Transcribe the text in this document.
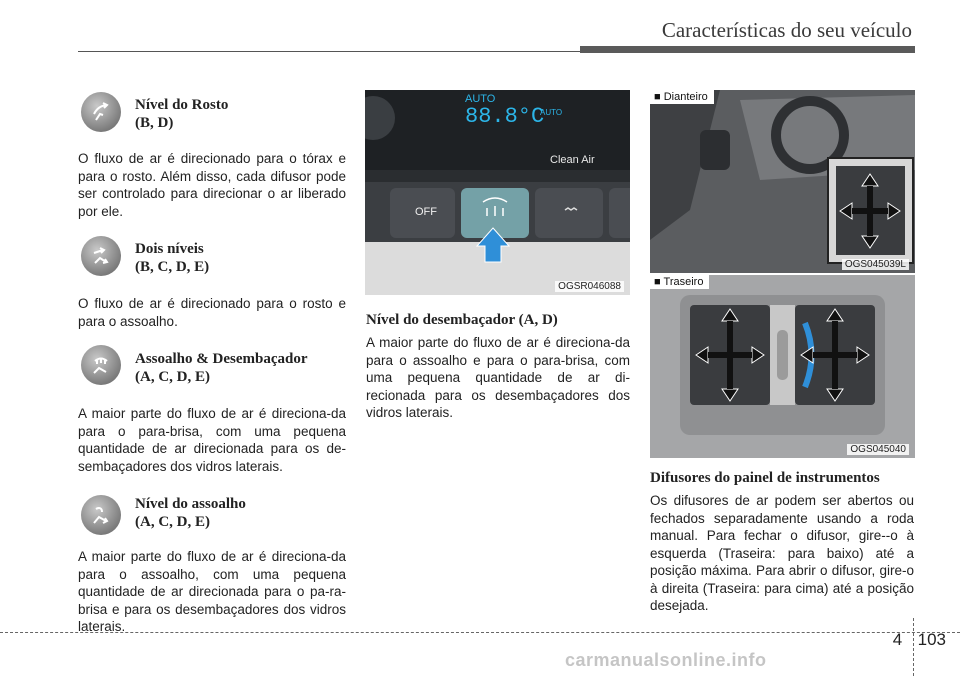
Características do seu veículo
Nível do Rosto
(B, D)
O fluxo de ar é direcionado para o tórax e para o rosto. Além disso, cada difusor pode ser controlado para direcionar o ar liberado por ele.
Dois níveis
(B, C, D, E)
O fluxo de ar é direcionado para o rosto e para o assoalho.
Assoalho & Desembaçador
(A, C, D, E)
A maior parte do fluxo de ar é direciona-da para o para-brisa, com uma pequena quantidade de ar direcionada para os de-sembaçadores dos vidros laterais.
Nível do assoalho
(A, C, D, E)
A maior parte do fluxo de ar é direciona-da para o assoalho, com uma pequena quantidade de ar direcionada para o pa-ra-brisa e para os desembaçadores dos vidros laterais.
AUTO
88.8°C
AUTO
Clean Air
OFF
OGSR046088
Nível do desembaçador (A, D)
A maior parte do fluxo de ar é direciona-da para o assoalho e para o para-brisa, com uma pequena quantidade de ar di-recionada para os desembaçadores dos vidros laterais.
■ Dianteiro
OGS045039L
■ Traseiro
OGS045040
Difusores do painel de instrumentos
Os difusores de ar podem ser abertos ou fechados separadamente usando a roda manual. Para fechar o difusor, gire--o à esquerda (Traseira: para baixo) até a posição máxima. Para abrir o difusor, gire-o à direita (Traseira: para cima) até a posição desejada.
4 103
carmanualsonline.info
